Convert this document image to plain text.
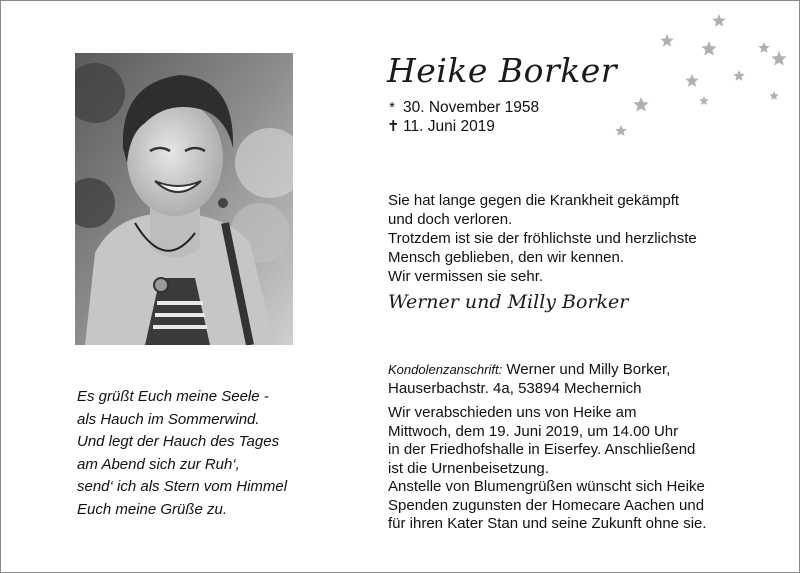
Heike Borker
* 30. November 1958
✝ 11. Juni 2019
Sie hat lange gegen die Krankheit gekämpft
und doch verloren.
Trotzdem ist sie der fröhlichste und herzlichste
Mensch geblieben, den wir kennen.
Wir vermissen sie sehr.
Werner und Milly Borker
Es grüßt Euch meine Seele -
als Hauch im Sommerwind.
Und legt der Hauch des Tages
am Abend sich zur Ruh‘,
send‘ ich als Stern vom Himmel
Euch meine Grüße zu.
Kondolenzanschrift: Werner und Milly Borker,
Hauserbachstr. 4a, 53894 Mechernich
Wir verabschieden uns von Heike am
Mittwoch, dem 19. Juni 2019, um 14.00 Uhr
in der Friedhofshalle in Eiserfey. Anschließend
ist die Urnenbeisetzung.
Anstelle von Blumengrüßen wünscht sich Heike
Spenden zugunsten der Homecare Aachen und
für ihren Kater Stan und seine Zukunft ohne sie.
